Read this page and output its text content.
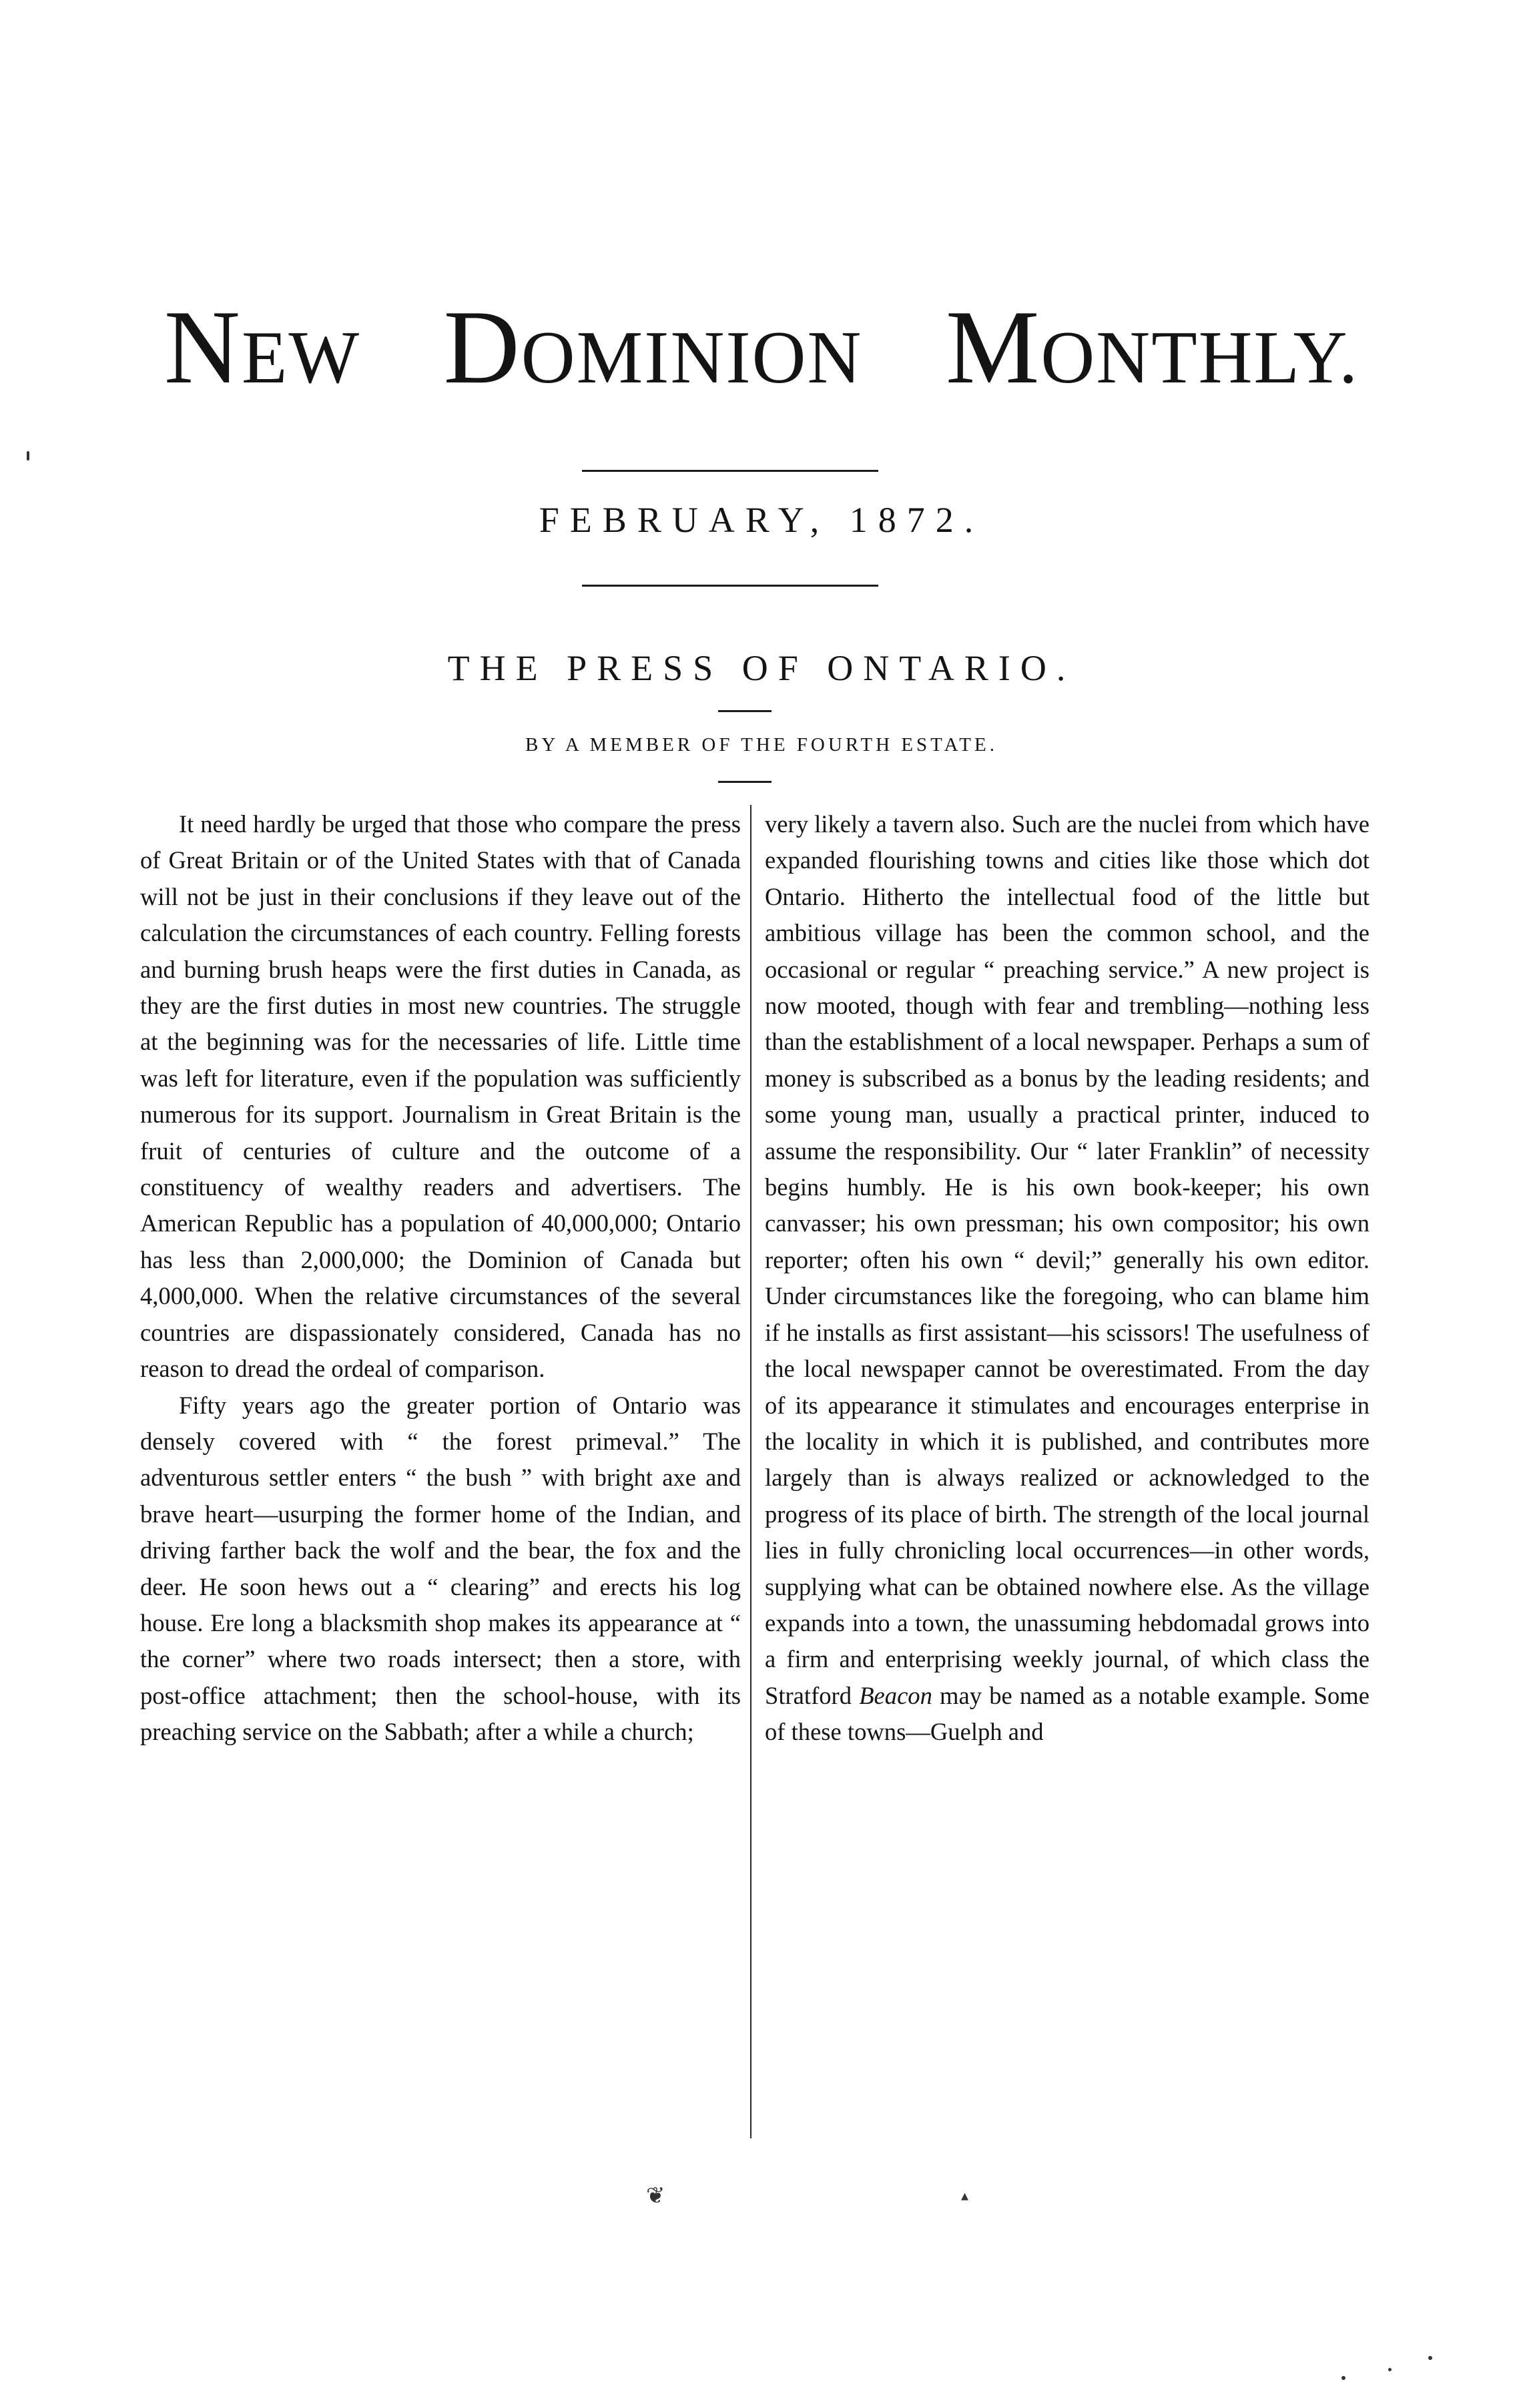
NEW DOMINION MONTHLY.
FEBRUARY, 1872.
THE PRESS OF ONTARIO.
BY A MEMBER OF THE FOURTH ESTATE.

It need hardly be urged that those who compare the press of Great Britain or of the United States with that of Canada will not be just in their conclusions if they leave out of the calculation the circumstances of each country. Felling forests and burning brush heaps were the first duties in Canada, as they are the first duties in most new countries. The struggle at the beginning was for the necessaries of life. Little time was left for literature, even if the population was sufficiently numerous for its support. Journalism in Great Britain is the fruit of centuries of culture and the outcome of a constituency of wealthy readers and advertisers. The American Republic has a population of 40,000,000; Ontario has less than 2,000,000; the Dominion of Canada but 4,000,000. When the relative circumstances of the several countries are dispassionately considered, Canada has no reason to dread the ordeal of comparison.

Fifty years ago the greater portion of Ontario was densely covered with “ the forest primeval.” The adventurous settler enters “ the bush ” with bright axe and brave heart—usurping the former home of the Indian, and driving farther back the wolf and the bear, the fox and the deer. He soon hews out a “ clearing” and erects his log house. Ere long a blacksmith shop makes its appearance at “ the corner” where two roads intersect; then a store, with post-office attachment; then the school-house, with its preaching service on the Sabbath; after a while a church;

very likely a tavern also. Such are the nuclei from which have expanded flourishing towns and cities like those which dot Ontario. Hitherto the intellectual food of the little but ambitious village has been the common school, and the occasional or regular “ preaching service.” A new project is now mooted, though with fear and trembling—nothing less than the establishment of a local newspaper. Perhaps a sum of money is subscribed as a bonus by the leading residents; and some young man, usually a practical printer, induced to assume the responsibility. Our “ later Franklin” of necessity begins humbly. He is his own book-keeper; his own canvasser; his own pressman; his own compositor; his own reporter; often his own “ devil;” generally his own editor. Under circumstances like the foregoing, who can blame him if he installs as first assistant—his scissors! The usefulness of the local newspaper cannot be overestimated. From the day of its appearance it stimulates and encourages enterprise in the locality in which it is published, and contributes more largely than is always realized or acknowledged to the progress of its place of birth. The strength of the local journal lies in fully chronicling local occurrences—in other words, supplying what can be obtained nowhere else. As the village expands into a town, the unassuming hebdomadal grows into a firm and enterprising weekly journal, of which class the Stratford Beacon may be named as a notable example. Some of these towns—Guelph and

❦	▴
